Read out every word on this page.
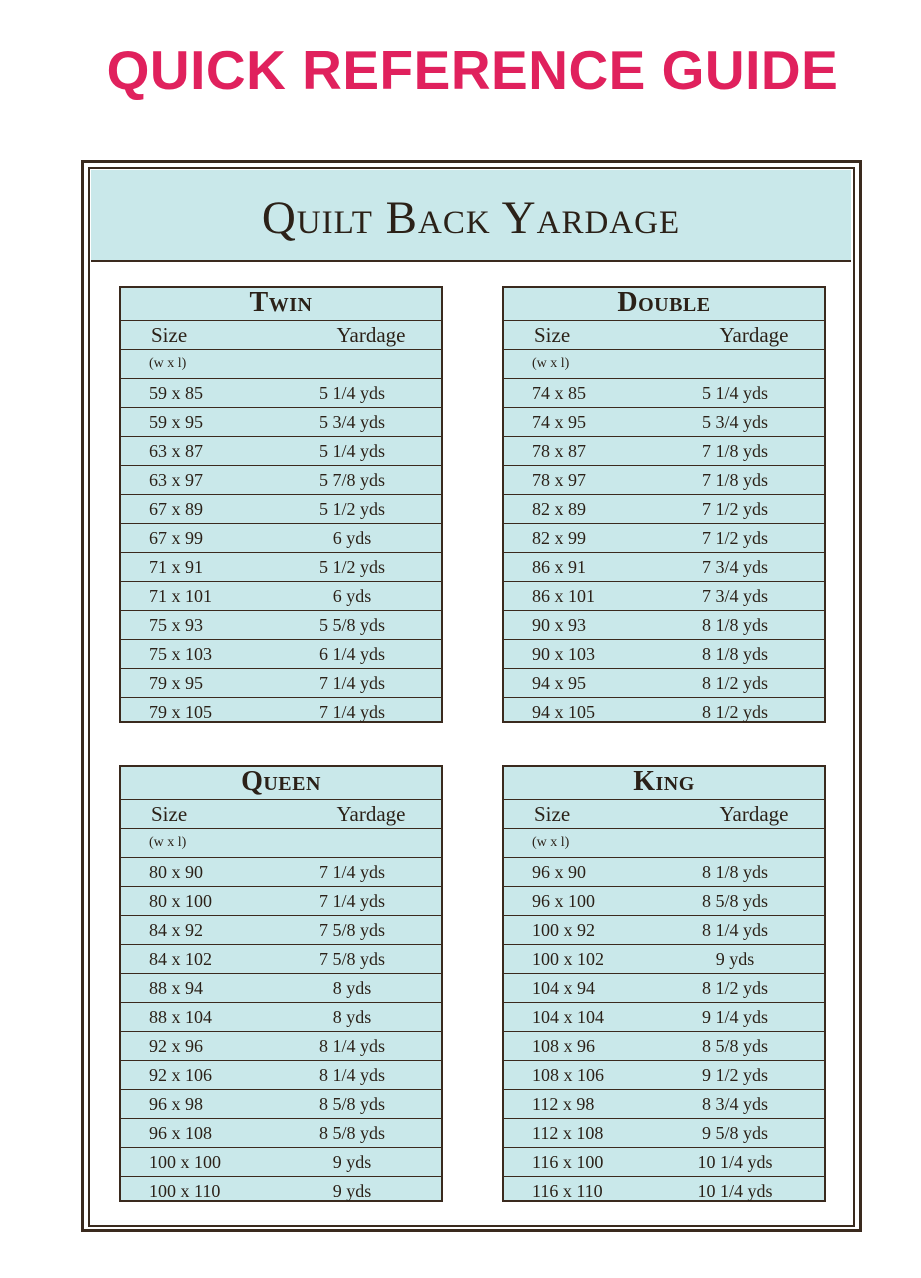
QUICK REFERENCE GUIDE
Quilt Back Yardage
Twin
Size	Yardage
(w x l)
59 x 85	5 1/4 yds
59 x 95	5 3/4 yds
63 x 87	5 1/4 yds
63 x 97	5 7/8 yds
67 x 89	5 1/2 yds
67 x 99	6 yds
71 x 91	5 1/2 yds
71 x 101	6 yds
75 x 93	5 5/8 yds
75 x 103	6 1/4 yds
79 x 95	7 1/4 yds
79 x 105	7 1/4 yds
Double
Size	Yardage
(w x l)
74 x 85	5 1/4 yds
74 x 95	5 3/4 yds
78 x 87	7 1/8 yds
78 x 97	7 1/8 yds
82 x 89	7 1/2 yds
82 x 99	7 1/2 yds
86 x 91	7 3/4 yds
86 x 101	7 3/4 yds
90 x 93	8 1/8 yds
90 x 103	8 1/8 yds
94 x 95	8 1/2 yds
94 x 105	8 1/2 yds
Queen
Size	Yardage
(w x l)
80 x 90	7 1/4 yds
80 x 100	7 1/4 yds
84 x 92	7 5/8 yds
84 x 102	7 5/8 yds
88 x 94	8 yds
88 x 104	8 yds
92 x 96	8 1/4 yds
92 x 106	8 1/4 yds
96 x 98	8 5/8 yds
96 x 108	8 5/8 yds
100 x 100	9 yds
100 x 110	9 yds
King
Size	Yardage
(w x l)
96 x 90	8 1/8 yds
96 x 100	8 5/8 yds
100 x 92	8 1/4 yds
100 x 102	9 yds
104 x 94	8 1/2 yds
104 x 104	9 1/4 yds
108 x 96	8 5/8 yds
108 x 106	9 1/2 yds
112 x 98	8 3/4 yds
112 x 108	9 5/8 yds
116 x 100	10 1/4 yds
116 x 110	10 1/4 yds
